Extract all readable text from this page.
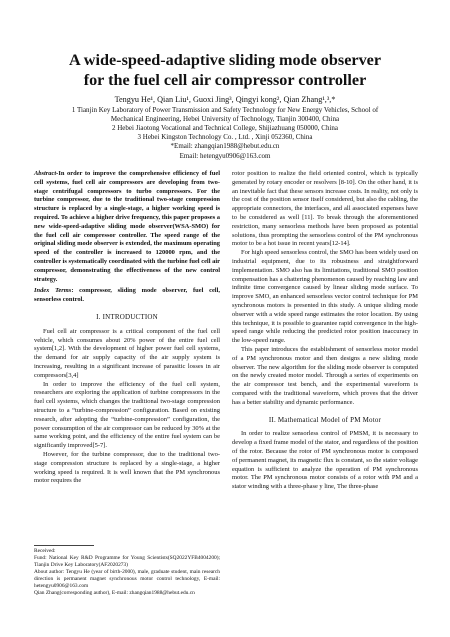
A wide-speed-adaptive sliding mode observer
for the fuel cell air compressor controller
Tengyu He¹, Qian Liu¹, Guoxi Jing³, Qingyi kong², Qian Zhang¹,³,*
1 Tianjin Key Laboratory of Power Transmission and Safety Technology for New Energy Vehicles, School of
Mechanical Engineering, Hebei University of Technology, Tianjin 300400, China
2 Hebei Jiaotong Vocational and Technical College, Shijiazhuang 050000, China
3 Hebei Kingston Technology Co. , Ltd. , Xinji 052360, China
*Email: zhangqian1988@hebut.edu.cn
Email: hetengyu0906@163.com

Abstract-In order to improve the comprehensive efficiency of fuel cell systems, fuel cell air compressors are developing from two-stage centrifugal compressors to turbo compressors. For the turbine compressor, due to the traditional two-stage compression structure is replaced by a single-stage, a higher working speed is required. To achieve a higher drive frequency, this paper proposes a new wide-speed-adaptive sliding mode observer(WSA-SMO) for the fuel cell air compressor controller. The speed range of the original sliding mode observer is extended, the maximum operating speed of the controller is increased to 120000 rpm, and the controller is systematically coordinated with the turbine fuel cell air compressor, demonstrating the effectiveness of the new control strategy.

Index Terms: compressor, sliding mode observer, fuel cell, sensorless control.

I. INTRODUCTION

Fuel cell air compressor is a critical component of the fuel cell vehicle, which consumes about 20% power of the entire fuel cell system[1,2]. With the development of higher power fuel cell systems, the demand for air supply capacity of the air supply system is increasing, resulting in a significant increase of parasitic losses in air compressors[3,4]

In order to improve the efficiency of the fuel cell system, researchers are exploring the application of turbine compressors in the fuel cell systems, which changes the traditional two-stage compression structure to a “turbine-compression” configuration. Based on existing research, after adopting the “turbine-compression” configuration, the power consumption of the air compressor can be reduced by 30% at the same working point, and the efficiency of the entire fuel system can be significantly improved[5-7].

However, for the turbine compressor, due to the traditional two-stage compression structure is replaced by a single-stage, a higher working speed is required. It is well known that the PM synchronous motor requires the

Received:
Fund: National Key R&D Programme for Young Scientists(SQ2022YFB4004200); Tianjin Drive Key Laboratory(AF2020273)
About author: Tengyu He (year of birth-2000), male, graduate student, main research direction is permanent magnet synchronous motor control technology, E-mail: hetengyu0906@163.com
Qian Zhang(corresponding author), E-mail: zhangqian1988@hebut.edu.cn

rotor position to realize the field oriented control, which is typically generated by rotary encoder or resolvers [8-10]. On the other hand, it is an inevitable fact that these sensors increase costs. In reality, not only is the cost of the position sensor itself considered, but also the cabling, the appropriate connectors, the interfaces, and all associated expenses have to be considered as well [11]. To break through the aforementioned restriction, many sensorless methods have been proposed as potential solutions, thus prompting the sensorless control of the PM synchronous motor to be a hot issue in recent years[12-14].

For high speed sensorless control, the SMO has been widely used on industrial equipment, due to its robustness and straightforward implementation. SMO also has its limitations, traditional SMO position compensation has a chattering phenomenon caused by reaching law and infinite time convergence caused by linear sliding mode surface. To improve SMO, an enhanced sensorless vector control technique for PM synchronous motors is presented in this study. A unique sliding mode observer with a wide speed range estimates the rotor location. By using this technique, it is possible to guarantee rapid convergence in the high-speed range while reducing the predicted rotor position inaccuracy in the low-speed range.

This paper introduces the establishment of sensorless motor model of a PM synchronous motor and then designs a new sliding mode observer. The new algorithm for the sliding mode observer is computed on the newly created motor model. Through a series of experiments on the air compressor test bench, and the experimental waveform is compared with the traditional waveform, which proves that the driver has a better stability and dynamic performance.

II. Mathematical Model of PM Motor

In order to realize sensorless control of PMSM, it is necessary to develop a fixed frame model of the stator, and regardless of the position of the rotor. Because the rotor of PM synchronous motor is composed of permanent magnet, its magnetic flux is constant, so the stator voltage equation is sufficient to analyze the operation of PM synchronous motor. The PM synchronous motor consists of a rotor with PM and a stator winding with a three-phase y line, The three-phase
